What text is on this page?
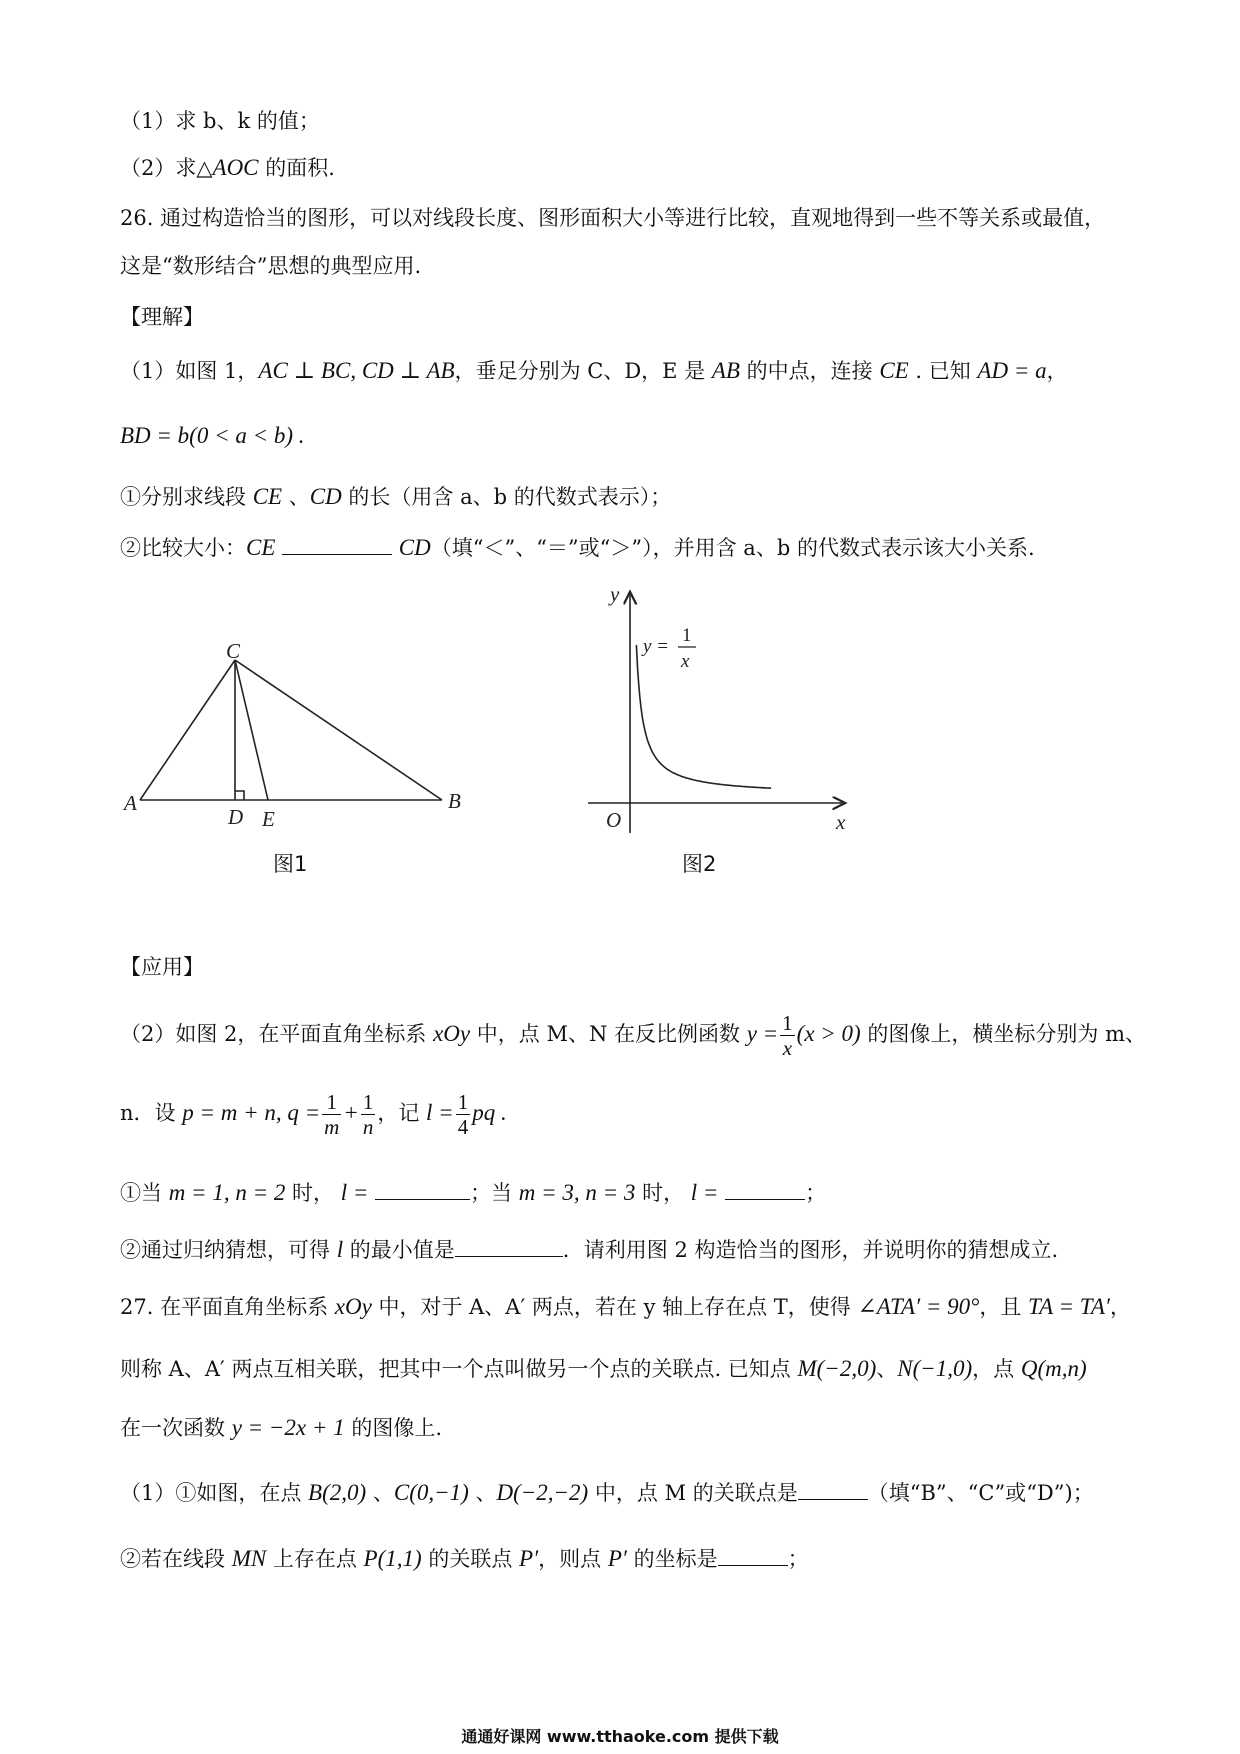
（1）求 b、k 的值；
（2）求△AOC 的面积.
26. 通过构造恰当的图形，可以对线段长度、图形面积大小等进行比较，直观地得到一些不等关系或最值，
这是“数形结合”思想的典型应用.
【理解】
（1）如图 1，AC ⊥ BC, CD ⊥ AB，垂足分别为 C、D，E 是 AB 的中点，连接 CE . 已知 AD = a，
BD = b(0 < a < b) .
①分别求线段 CE 、CD 的长（用含 a、b 的代数式表示）；
②比较大小：CE	CD（填“＜”、“＝”或“＞”），并用含 a、b 的代数式表示该大小关系.
A	B
C
D E
图1
y
x
O
y =
1
x
图2
【应用】
（2）如图 2，在平面直角坐标系 xOy 中，点 M、N 在反比例函数 $y = \frac{1}{x} (x > 0)$ 的图像上，横坐标分别为 m、
n．设 p = m + n, $q = \frac{1}{m} + \frac{1}{n}$ ，记 $l = \frac{1}{4}$ pq .
①当 m = 1, n = 2 时， l =	；当 m = 3, n = 3 时， l =	；
②通过归纳猜想，可得 l 的最小值是	．请利用图 2 构造恰当的图形，并说明你的猜想成立.
27. 在平面直角坐标系 xOy 中，对于 A、A′ 两点，若在 y 轴上存在点 T，使得 ∠ATA′ = 90°，且 TA = TA′，
则称 A、A′ 两点互相关联，把其中一个点叫做另一个点的关联点. 已知点 M(−2,0)、N(−1,0)，点 Q(m,n)
在一次函数 y = −2x + 1 的图像上.
（1）①如图，在点 B(2,0) 、C(0,−1) 、D(−2,−2) 中，点 M 的关联点是	（填“B”、“C”或“D”)；
②若在线段 MN 上存在点 P(1,1) 的关联点 P′，则点 P′ 的坐标是	；
通通好课网 www.tthaoke.com 提供下载
